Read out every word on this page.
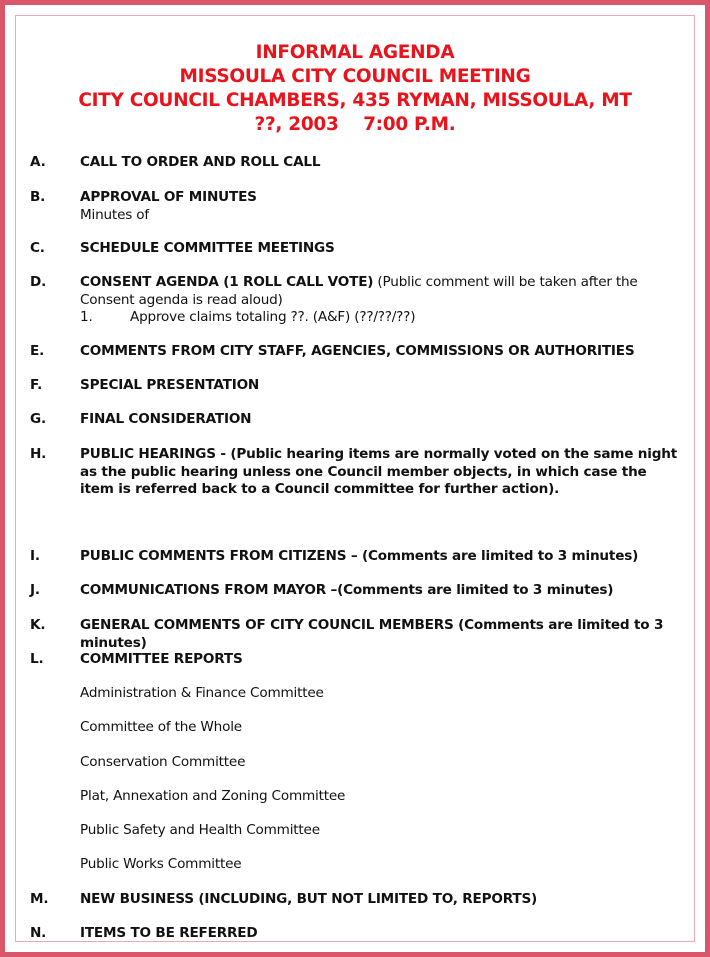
INFORMAL AGENDA
MISSOULA CITY COUNCIL MEETING
CITY COUNCIL CHAMBERS, 435 RYMAN, MISSOULA, MT
??, 2003    7:00 P.M.
A.	CALL TO ORDER AND ROLL CALL
B.	APPROVAL OF MINUTES
Minutes of
C.	SCHEDULE COMMITTEE MEETINGS
D. CONSENT AGENDA (1 ROLL CALL VOTE) (Public comment will be taken after the Consent agenda is read aloud)
1.	Approve claims totaling ??. (A&F) (??/??/??)
E.	COMMENTS FROM CITY STAFF, AGENCIES, COMMISSIONS OR AUTHORITIES
F.	SPECIAL PRESENTATION
G.	FINAL CONSIDERATION
H. PUBLIC HEARINGS - (Public hearing items are normally voted on the same night as the public hearing unless one Council member objects, in which case the item is referred back to a Council committee for further action).
I.	PUBLIC COMMENTS FROM CITIZENS – (Comments are limited to 3 minutes)
J.	COMMUNICATIONS FROM MAYOR –(Comments are limited to 3 minutes)
K.	GENERAL COMMENTS OF CITY COUNCIL MEMBERS (Comments are limited to 3 minutes)
L.	COMMITTEE REPORTS
Administration & Finance Committee
Committee of the Whole
Conservation Committee
Plat, Annexation and Zoning Committee
Public Safety and Health Committee
Public Works Committee
M. NEW BUSINESS (INCLUDING, BUT NOT LIMITED TO, REPORTS)
N. ITEMS TO BE REFERRED
